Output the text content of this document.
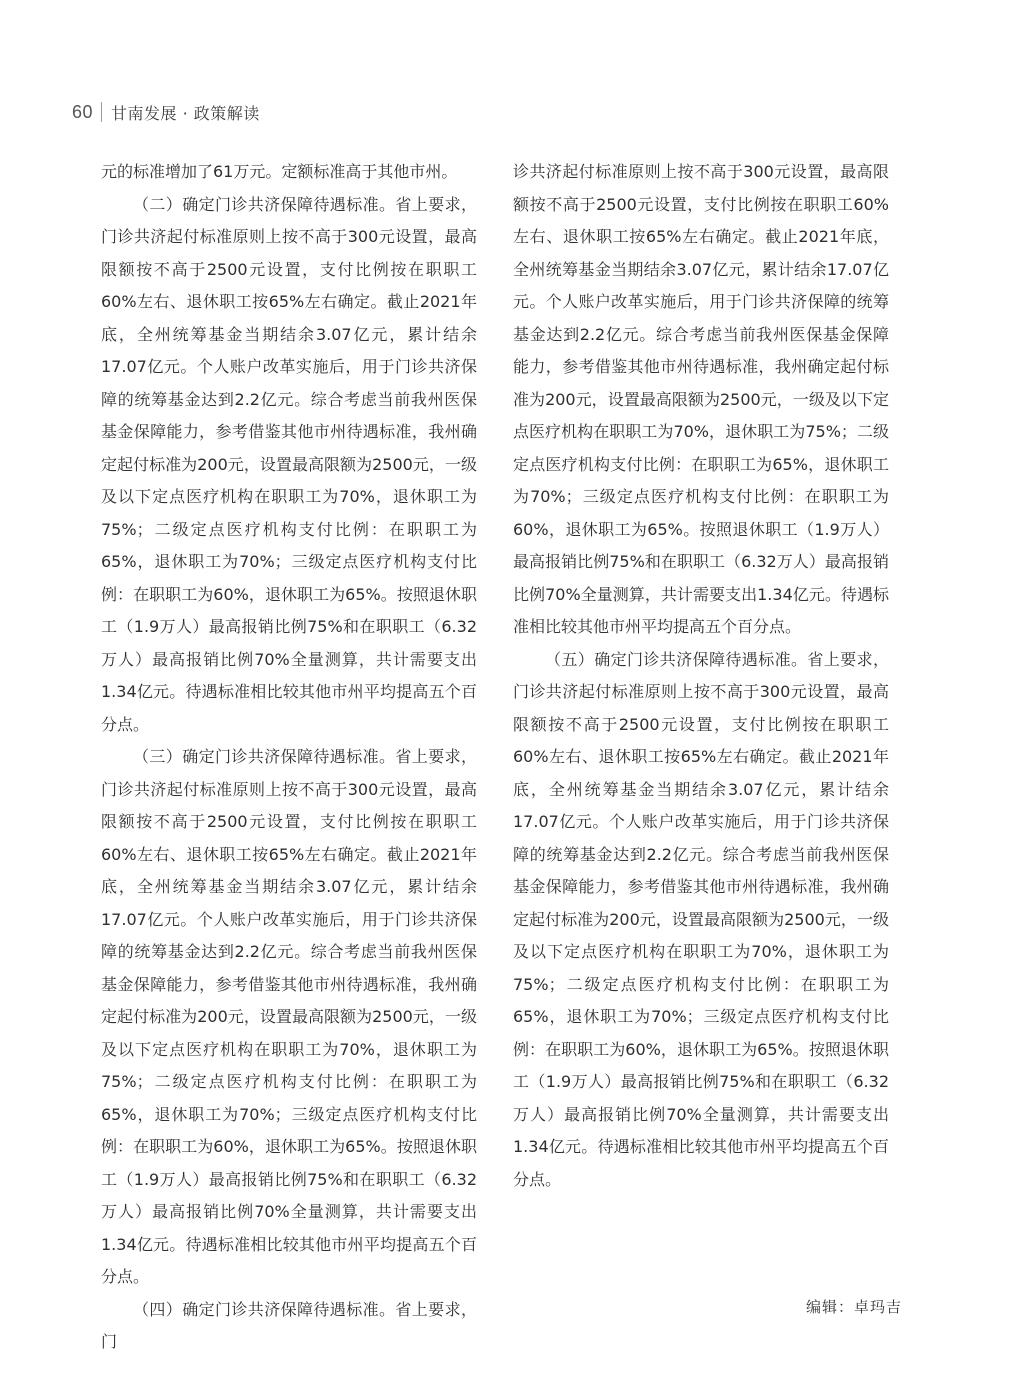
60 甘南发展 · 政策解读

元的标准增加了61万元。定额标准高于其他市州。

（二）确定门诊共济保障待遇标准。省上要求，门诊共济起付标准原则上按不高于300元设置，最高限额按不高于2500元设置，支付比例按在职职工60%左右、退休职工按65%左右确定。截止2021年底，全州统筹基金当期结余3.07亿元，累计结余17.07亿元。个人账户改革实施后，用于门诊共济保障的统筹基金达到2.2亿元。综合考虑当前我州医保基金保障能力，参考借鉴其他市州待遇标准，我州确定起付标准为200元，设置最高限额为2500元，一级及以下定点医疗机构在职职工为70%，退休职工为75%；二级定点医疗机构支付比例：在职职工为65%，退休职工为70%；三级定点医疗机构支付比例：在职职工为60%，退休职工为65%。按照退休职工（1.9万人）最高报销比例75%和在职职工（6.32万人）最高报销比例70%全量测算，共计需要支出1.34亿元。待遇标准相比较其他市州平均提高五个百分点。

（三）确定门诊共济保障待遇标准。省上要求，门诊共济起付标准原则上按不高于300元设置，最高限额按不高于2500元设置，支付比例按在职职工60%左右、退休职工按65%左右确定。截止2021年底，全州统筹基金当期结余3.07亿元，累计结余17.07亿元。个人账户改革实施后，用于门诊共济保障的统筹基金达到2.2亿元。综合考虑当前我州医保基金保障能力，参考借鉴其他市州待遇标准，我州确定起付标准为200元，设置最高限额为2500元，一级及以下定点医疗机构在职职工为70%，退休职工为75%；二级定点医疗机构支付比例：在职职工为65%，退休职工为70%；三级定点医疗机构支付比例：在职职工为60%，退休职工为65%。按照退休职工（1.9万人）最高报销比例75%和在职职工（6.32万人）最高报销比例70%全量测算，共计需要支出1.34亿元。待遇标准相比较其他市州平均提高五个百分点。

（四）确定门诊共济保障待遇标准。省上要求，门

诊共济起付标准原则上按不高于300元设置，最高限额按不高于2500元设置，支付比例按在职职工60%左右、退休职工按65%左右确定。截止2021年底，全州统筹基金当期结余3.07亿元，累计结余17.07亿元。个人账户改革实施后，用于门诊共济保障的统筹基金达到2.2亿元。综合考虑当前我州医保基金保障能力，参考借鉴其他市州待遇标准，我州确定起付标准为200元，设置最高限额为2500元，一级及以下定点医疗机构在职职工为70%，退休职工为75%；二级定点医疗机构支付比例：在职职工为65%，退休职工为70%；三级定点医疗机构支付比例：在职职工为60%，退休职工为65%。按照退休职工（1.9万人）最高报销比例75%和在职职工（6.32万人）最高报销比例70%全量测算，共计需要支出1.34亿元。待遇标准相比较其他市州平均提高五个百分点。

（五）确定门诊共济保障待遇标准。省上要求，门诊共济起付标准原则上按不高于300元设置，最高限额按不高于2500元设置，支付比例按在职职工60%左右、退休职工按65%左右确定。截止2021年底，全州统筹基金当期结余3.07亿元，累计结余17.07亿元。个人账户改革实施后，用于门诊共济保障的统筹基金达到2.2亿元。综合考虑当前我州医保基金保障能力，参考借鉴其他市州待遇标准，我州确定起付标准为200元，设置最高限额为2500元，一级及以下定点医疗机构在职职工为70%，退休职工为75%；二级定点医疗机构支付比例：在职职工为65%，退休职工为70%；三级定点医疗机构支付比例：在职职工为60%，退休职工为65%。按照退休职工（1.9万人）最高报销比例75%和在职职工（6.32万人）最高报销比例70%全量测算，共计需要支出1.34亿元。待遇标准相比较其他市州平均提高五个百分点。

编辑：卓玛吉
